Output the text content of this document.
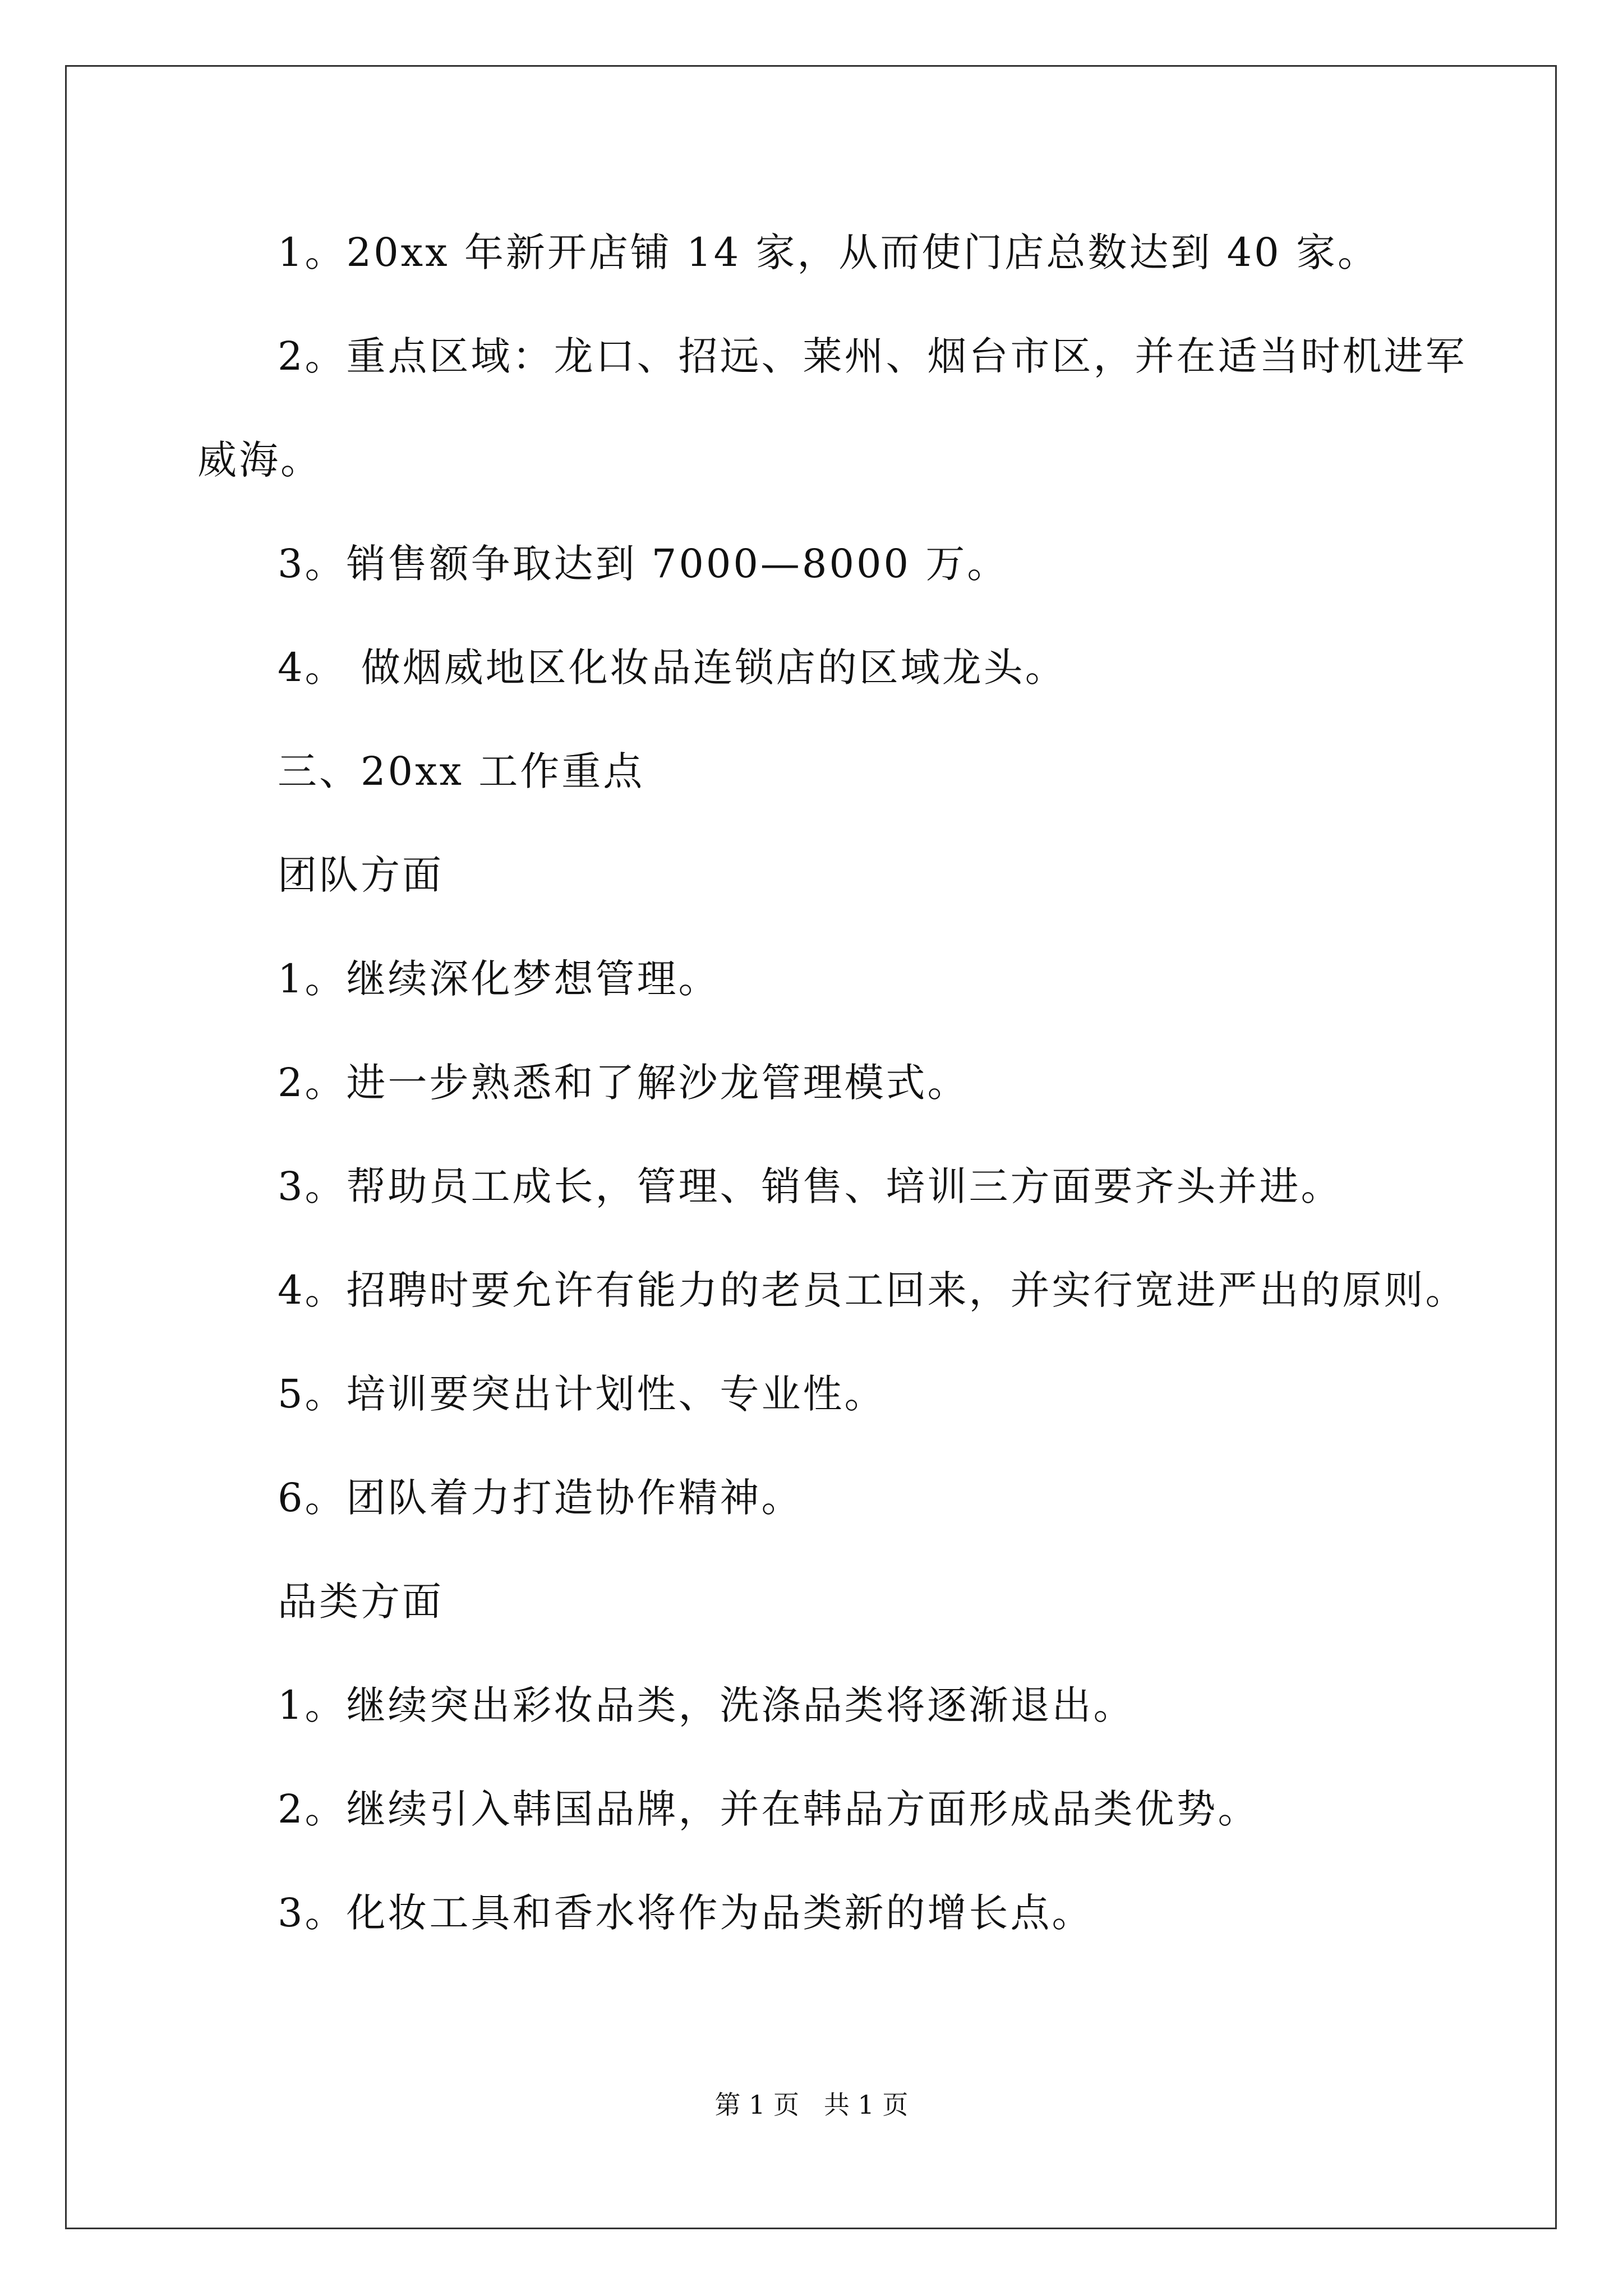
1。20xx 年新开店铺 14 家，从而使门店总数达到 40 家。
2。重点区域：龙口、招远、莱州、烟台市区，并在适当时机进军
威海。
3。销售额争取达到 7000—8000 万。
4。 做烟威地区化妆品连锁店的区域龙头。
三、20xx 工作重点
团队方面
1。继续深化梦想管理。
2。进一步熟悉和了解沙龙管理模式。
3。帮助员工成长，管理、销售、培训三方面要齐头并进。
4。招聘时要允许有能力的老员工回来，并实行宽进严出的原则。
5。培训要突出计划性、专业性。
6。团队着力打造协作精神。
品类方面
1。继续突出彩妆品类，洗涤品类将逐渐退出。
2。继续引入韩国品牌，并在韩品方面形成品类优势。
3。化妆工具和香水将作为品类新的增长点。
第 1 页   共 1 页
